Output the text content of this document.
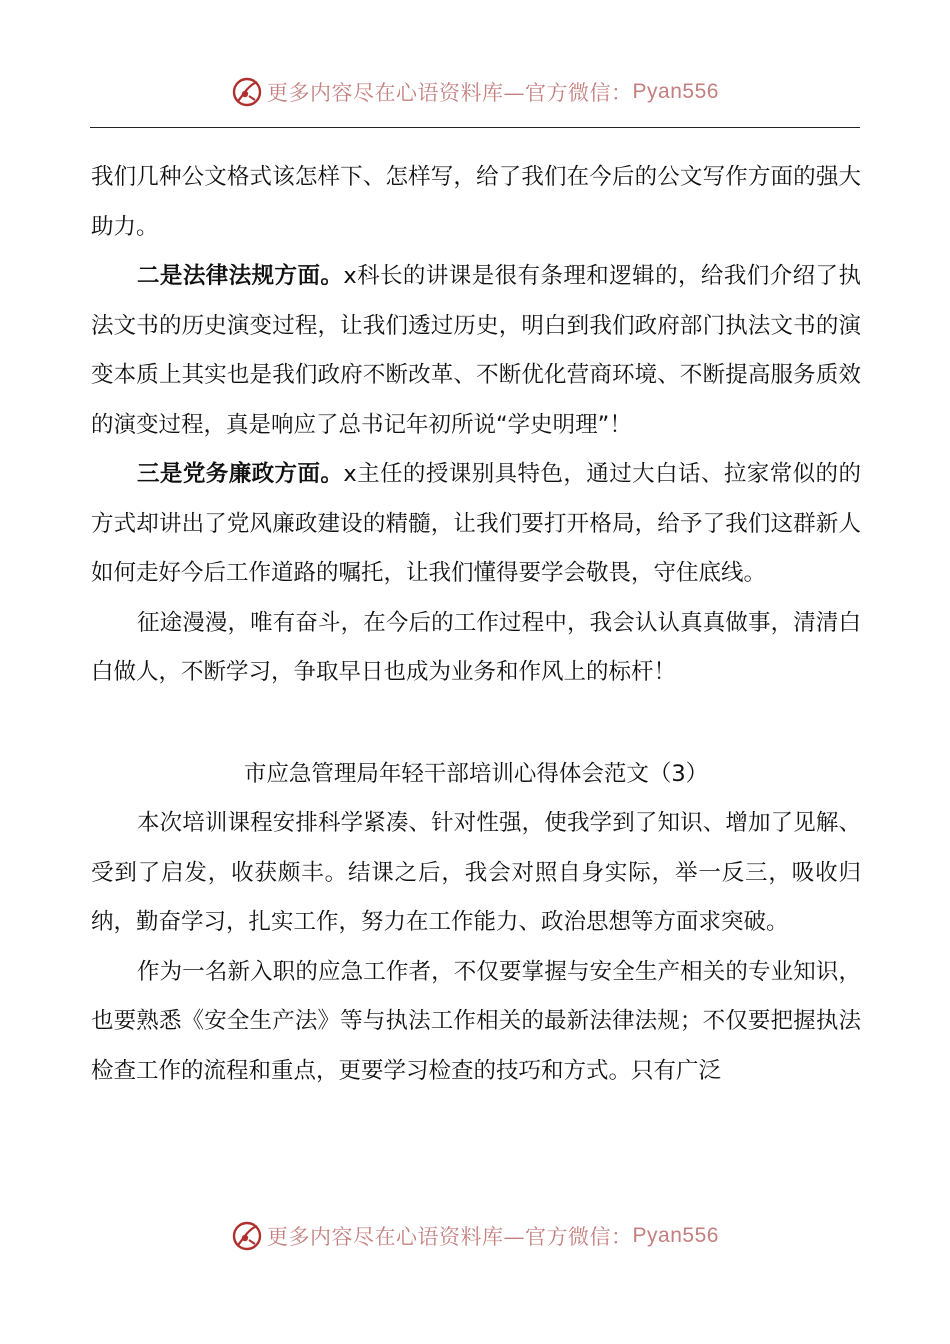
更多内容尽在心语资料库—官方微信： Pyan556

我们几种公文格式该怎样下、怎样写，给了我们在今后的公文写作方面的强大助力。

二是法律法规方面。x科长的讲课是很有条理和逻辑的，给我们介绍了执法文书的历史演变过程，让我们透过历史，明白到我们政府部门执法文书的演变本质上其实也是我们政府不断改革、不断优化营商环境、不断提高服务质效的演变过程，真是响应了总书记年初所说“学史明理”！

三是党务廉政方面。x主任的授课别具特色，通过大白话、拉家常似的的方式却讲出了党风廉政建设的精髓，让我们要打开格局，给予了我们这群新人如何走好今后工作道路的嘱托，让我们懂得要学会敬畏，守住底线。

征途漫漫，唯有奋斗，在今后的工作过程中，我会认认真真做事，清清白白做人，不断学习，争取早日也成为业务和作风上的标杆！

市应急管理局年轻干部培训心得体会范文（3）

本次培训课程安排科学紧凑、针对性强，使我学到了知识、增加了见解、受到了启发，收获颇丰。结课之后，我会对照自身实际，举一反三，吸收归纳，勤奋学习，扎实工作，努力在工作能力、政治思想等方面求突破。

作为一名新入职的应急工作者，不仅要掌握与安全生产相关的专业知识，也要熟悉《安全生产法》等与执法工作相关的最新法律法规；不仅要把握执法检查工作的流程和重点，更要学习检查的技巧和方式。只有广泛

更多内容尽在心语资料库—官方微信： Pyan556
